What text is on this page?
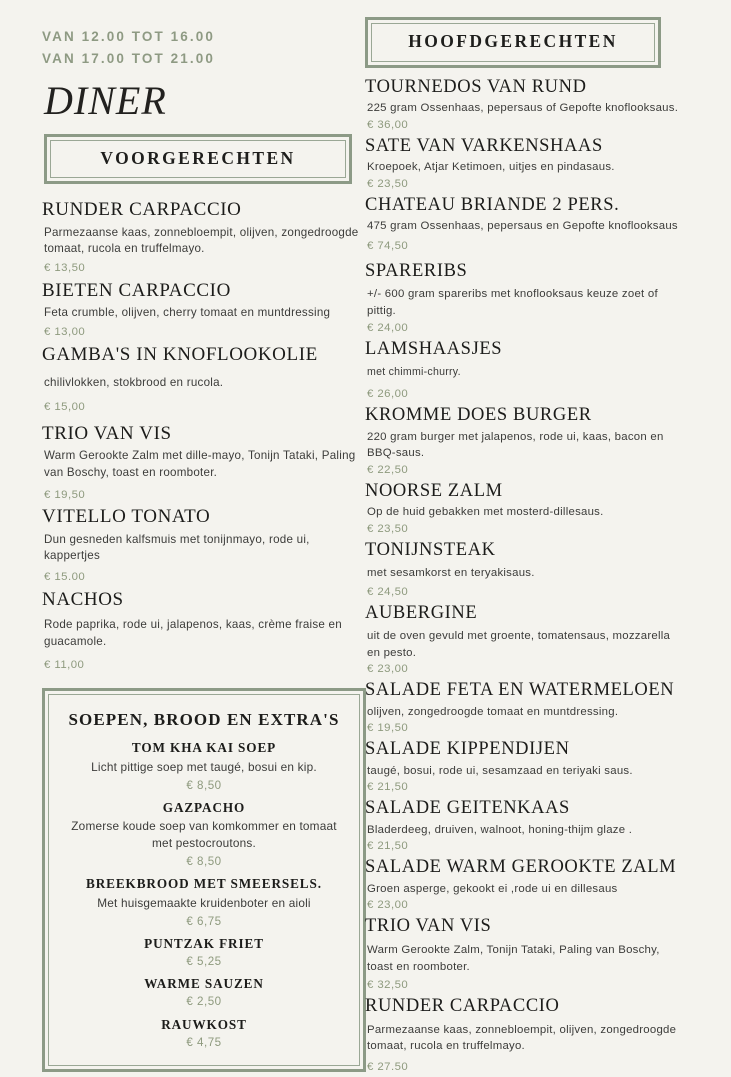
VAN 12.00 TOT 16.00
VAN 17.00 TOT 21.00
DINER
VOORGERECHTEN
RUNDER CARPACCIO
Parmezaanse kaas, zonnebloempit, olijven, zongedroogde tomaat, rucola en truffelmayo.
€ 13,50
BIETEN CARPACCIO
Feta crumble, olijven, cherry tomaat en muntdressing
€ 13,00
GAMBA'S IN KNOFLOOKOLIE
chilivlokken, stokbrood en rucola.
€ 15,00
TRIO VAN VIS
Warm Gerookte Zalm met dille-mayo, Tonijn Tataki, Paling van Boschy, toast en roomboter.
€ 19,50
VITELLO TONATO
Dun gesneden kalfsmuis met tonijnmayo, rode ui, kappertjes
€ 15.00
NACHOS
Rode paprika, rode ui, jalapenos, kaas, crème fraise en guacamole.
€ 11,00
SOEPEN, BROOD EN EXTRA'S
TOM KHA KAI SOEP
Licht pittige soep met taugé, bosui en kip.
€ 8,50
GAZPACHO
Zomerse koude soep van komkommer en tomaat met pestocroutons.
€ 8,50
BREEKBROOD MET SMEERSELS.
Met huisgemaakte kruidenboter en aioli
€ 6,75
PUNTZAK FRIET
€ 5,25
WARME SAUZEN
€ 2,50
RAUWKOST
€ 4,75
HOOFDGERECHTEN
TOURNEDOS VAN RUND
225 gram Ossenhaas, pepersaus of Gepofte knoflooksaus.
€ 36,00
SATE VAN VARKENSHAAS
Kroepoek, Atjar Ketimoen, uitjes en pindasaus.
€ 23,50
CHATEAU BRIANDE 2 PERS.
475 gram Ossenhaas, pepersaus en Gepofte knoflooksaus
€ 74,50
SPARERIBS
+/- 600 gram spareribs met knoflooksaus keuze zoet of pittig.
€ 24,00
LAMSHAASJES
met chimmi-churry.
€ 26,00
KROMME DOES BURGER
220 gram burger met jalapenos, rode ui, kaas, bacon en BBQ-saus.
€ 22,50
NOORSE ZALM
Op de huid gebakken met mosterd-dillesaus.
€ 23,50
TONIJNSTEAK
met sesamkorst en teryakisaus.
€ 24,50
AUBERGINE
uit de oven gevuld met groente, tomatensaus, mozzarella en pesto.
€ 23,00
SALADE FETA EN WATERMELOEN
olijven, zongedroogde tomaat en muntdressing.
€ 19,50
SALADE KIPPENDIJEN
taugé, bosui, rode ui, sesamzaad en teriyaki saus.
€ 21,50
SALADE GEITENKAAS
Bladerdeeg, druiven, walnoot, honing-thijm glaze .
€ 21,50
SALADE WARM GEROOKTE ZALM
Groen asperge, gekookt ei ,rode ui en dillesaus
€ 23,00
TRIO VAN VIS
Warm Gerookte Zalm, Tonijn Tataki, Paling van Boschy, toast en roomboter.
€ 32,50
RUNDER CARPACCIO
Parmezaanse kaas, zonnebloempit, olijven, zongedroogde tomaat, rucola en truffelmayo.
€ 27.50
